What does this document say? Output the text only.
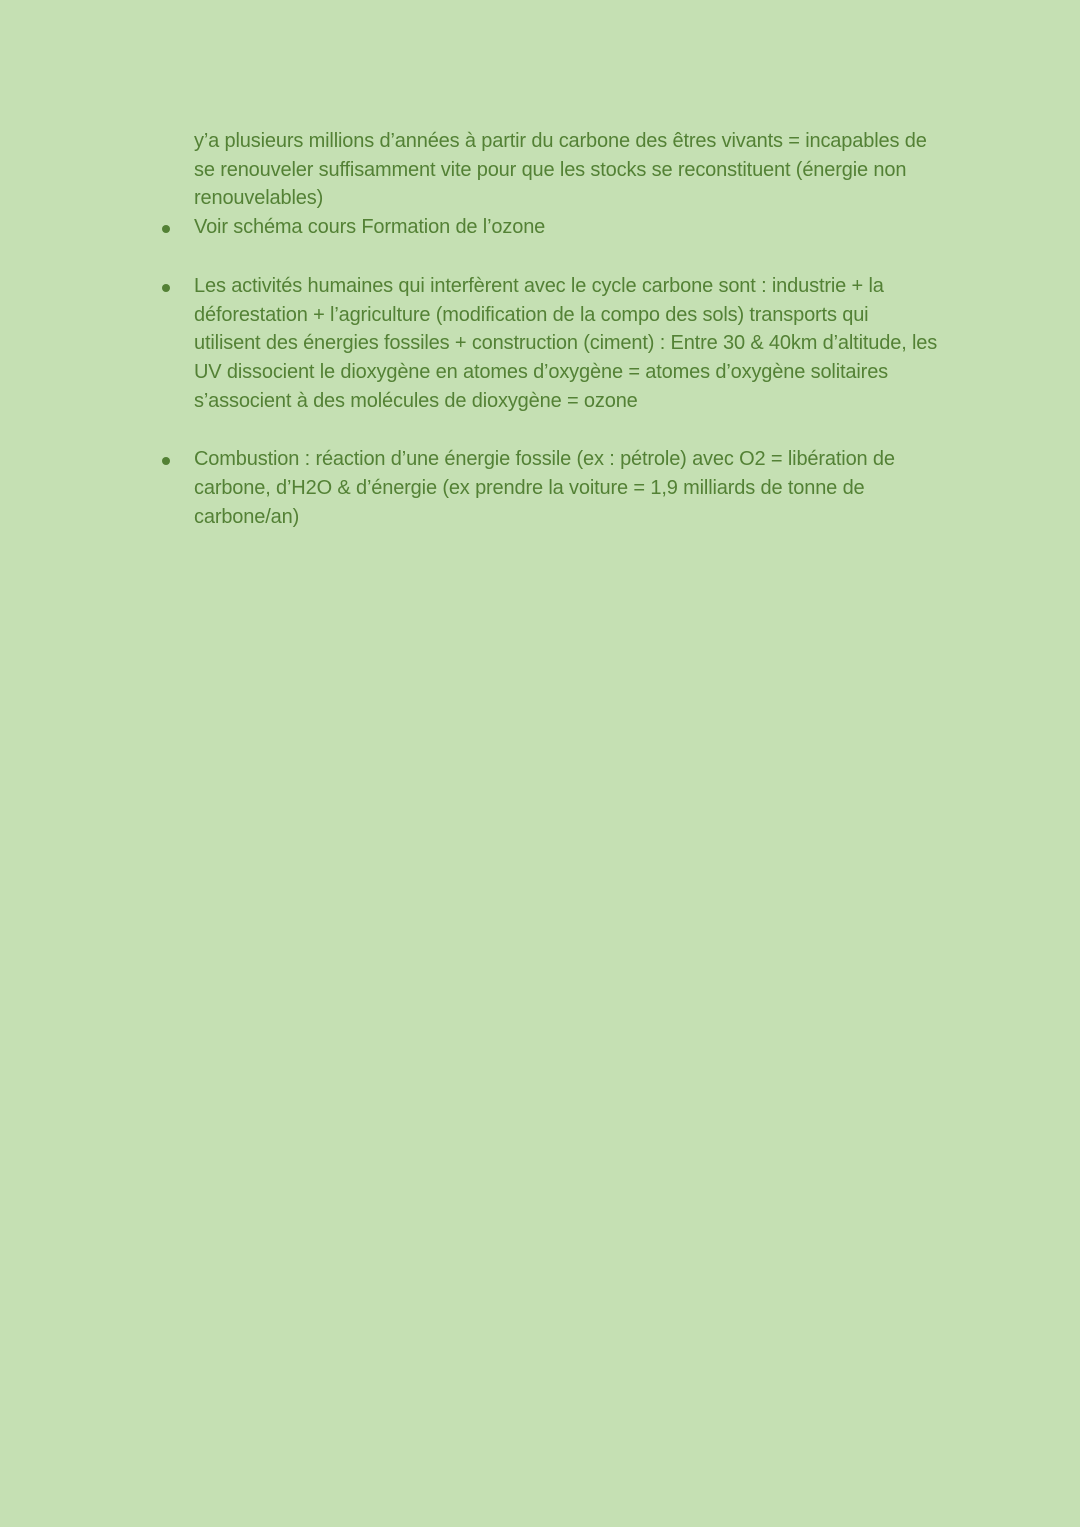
y’a plusieurs millions d’années à partir du carbone des êtres vivants = incapables de
se renouveler suffisamment vite pour que les stocks se reconstituent (énergie non
renouvelables)
Voir schéma cours Formation de l’ozone
Les activités humaines qui interfèrent avec le cycle carbone sont : industrie + la
déforestation + l’agriculture (modification de la compo des sols) transports qui
utilisent des énergies fossiles + construction (ciment) : Entre 30 & 40km d’altitude, les
UV dissocient le dioxygène en atomes d’oxygène = atomes d’oxygène solitaires
s’associent à des molécules de dioxygène = ozone
Combustion : réaction d’une énergie fossile (ex : pétrole) avec O2 = libération de
carbone, d’H2O & d’énergie (ex prendre la voiture = 1,9 milliards de tonne de
carbone/an)
